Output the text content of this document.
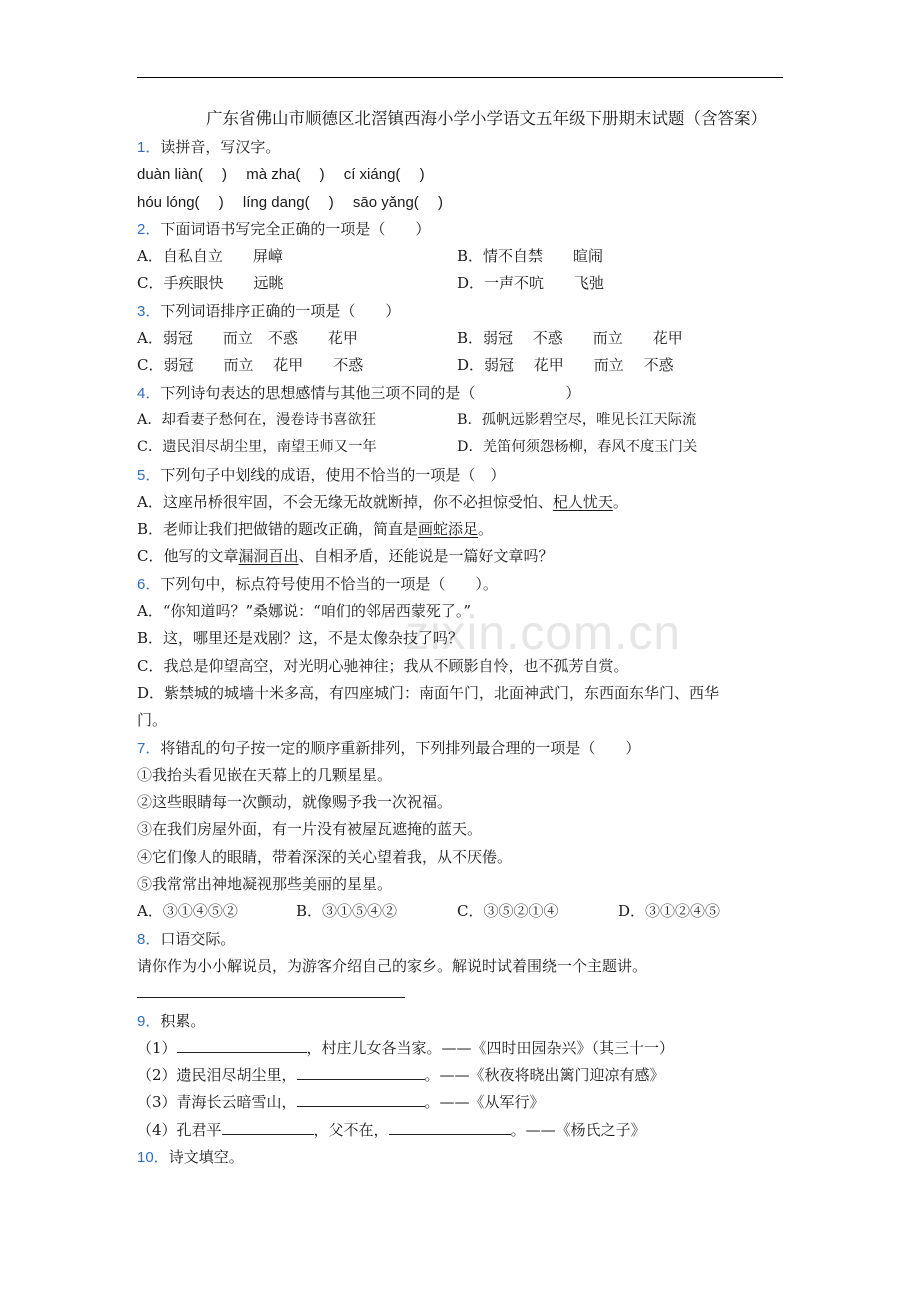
zixin.com.cn
广东省佛山市顺德区北滘镇西海小学小学语文五年级下册期末试题（含答案）
1．读拼音，写汉字。
duàn liàn(　 )　 mà zha(　 )　 cí xiáng(　 )
hóu lóng(　 )　 líng dang(　 )　 sāo yǎng(　 )
2．下面词语书写完全正确的一项是（　　）
A．自私自立　　屏嶂	B．情不自禁　　暄闹
C．手疾眼快　　远眺	D．一声不吭　　飞弛
3．下列词语排序正确的一项是（　　）
A．弱冠　　而立　不惑　　花甲	B．弱冠　 不惑　　而立　　花甲
C．弱冠　　而立　 花甲　　不惑	D．弱冠　 花甲　　而立　 不惑
4．下列诗句表达的思想感情与其他三项不同的是（　　　　　　）
A．却看妻子愁何在，漫卷诗书喜欲狂	B．孤帆远影碧空尽，唯见长江天际流
C．遗民泪尽胡尘里，南望王师又一年	D．羌笛何须怨杨柳，春风不度玉门关
5．下列句子中划线的成语，使用不恰当的一项是（　）
A．这座吊桥很牢固，不会无缘无故就断掉，你不必担惊受怕、杞人忧天。
B．老师让我们把做错的题改正确，简直是画蛇添足。
C．他写的文章漏洞百出、自相矛盾，还能说是一篇好文章吗？
6．下列句中，标点符号使用不恰当的一项是（　　）。
A．“你知道吗？”桑娜说：“咱们的邻居西蒙死了。”
B．这，哪里还是戏剧？这，不是太像杂技了吗？
C．我总是仰望高空，对光明心驰神往；我从不顾影自怜，也不孤芳自赏。
D．紫禁城的城墙十米多高，有四座城门：南面午门，北面神武门，东西面东华门、西华
门。
7．将错乱的句子按一定的顺序重新排列，下列排列最合理的一项是（　　）
①我抬头看见嵌在天幕上的几颗星星。
②这些眼睛每一次颤动，就像赐予我一次祝福。
③在我们房屋外面，有一片没有被屋瓦遮掩的蓝天。
④它们像人的眼睛，带着深深的关心望着我，从不厌倦。
⑤我常常出神地凝视那些美丽的星星。
A．③①④⑤②	B．③①⑤④②	C．③⑤②①④	D．③①②④⑤
8．口语交际。
请你作为小小解说员，为游客介绍自己的家乡。解说时试着围绕一个主题讲。
9．积累。
（1）	，村庄儿女各当家。——《四时田园杂兴》（其三十一）
（2）遗民泪尽胡尘里，	。——《秋夜将晓出篱门迎凉有感》
（3）青海长云暗雪山，	。——《从军行》
（4）孔君平	，父不在，	。——《杨氏之子》
10．诗文填空。
